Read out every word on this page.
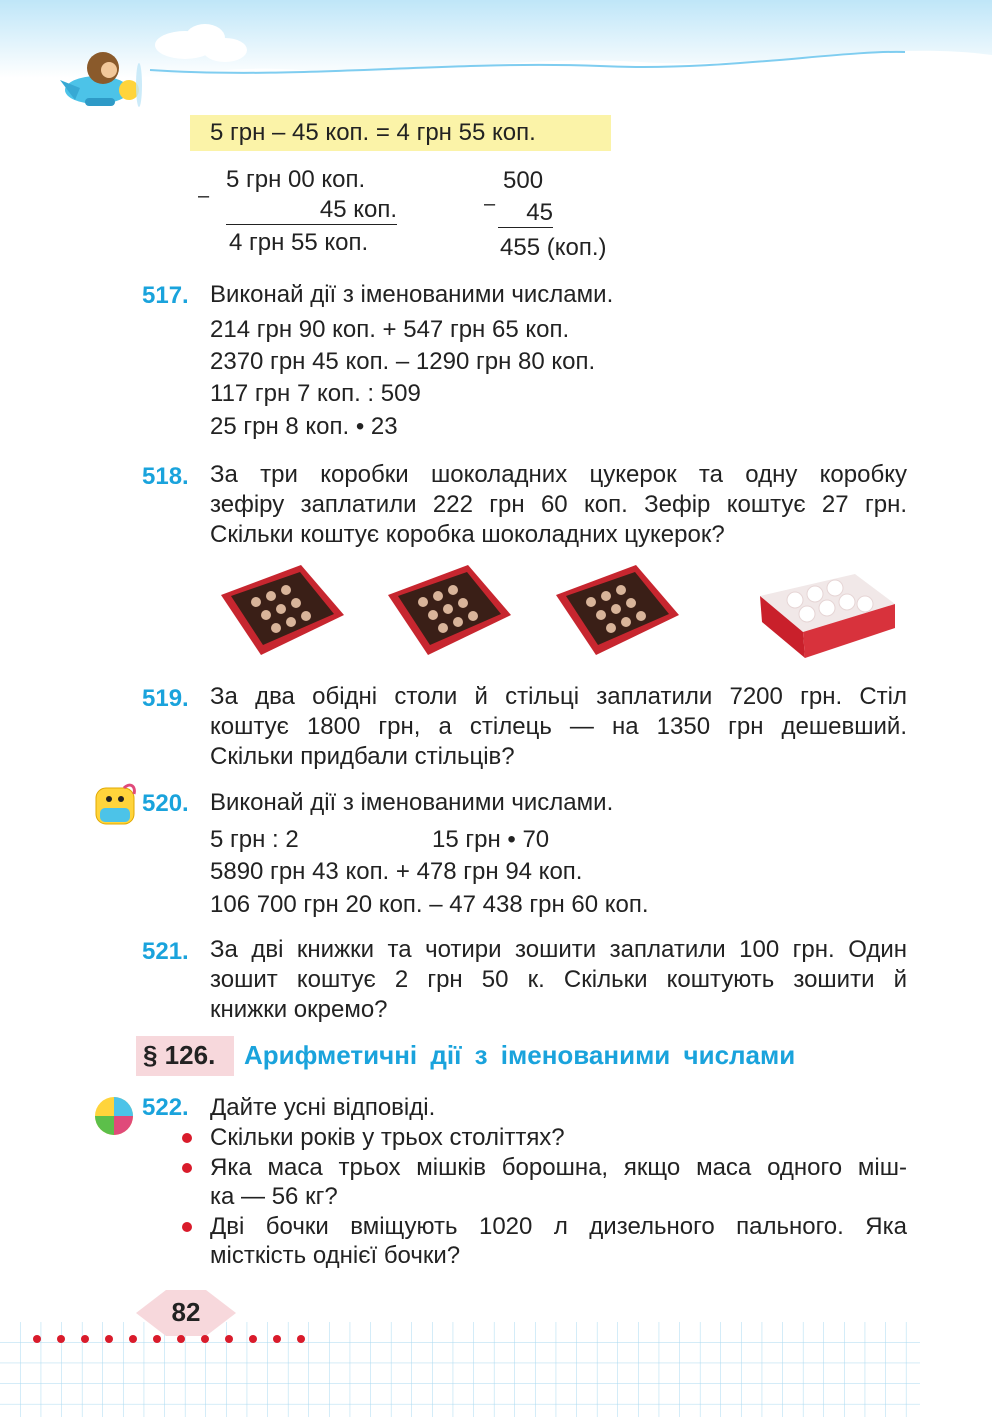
5 грн – 45 коп. = 4 грн 55 коп.
–
5 грн 00 коп.
45 коп.
4 грн 55 коп.
–
500
45
455 (коп.)
517. Виконай дії з іменованими числами.
214 грн 90 коп. + 547 грн 65 коп.
2370 грн 45 коп. – 1290 грн 80 коп.
117 грн 7 коп. : 509
25 грн 8 коп. • 23
518. За три коробки шоколадних цукерок та одну коробку
зефіру заплатили 222 грн 60 коп. Зефір коштує 27 грн.
Скільки коштує коробка шоколадних цукерок?
519. За два обідні столи й стільці заплатили 7200 грн. Стіл
коштує 1800 грн, а стілець — на 1350 грн дешевший.
Скільки придбали стільців?
520. Виконай дії з іменованими числами.
5 грн : 2	15 грн • 70
5890 грн 43 коп. + 478 грн 94 коп.
106 700 грн 20 коп. – 47 438 грн 60 коп.
521. За дві книжки та чотири зошити заплатили 100 грн. Один
зошит коштує 2 грн 50 к. Скільки коштують зошити й
книжки окремо?
§ 126. Арифметичні дії з іменованими числами
522. Дайте усні відповіді.
Скільки років у трьох століттях?
Яка маса трьох мішків борошна, якщо маса одного міш-
ка — 56 кг?
Дві бочки вміщують 1020 л дизельного пального. Яка
місткість однієї бочки?
82
